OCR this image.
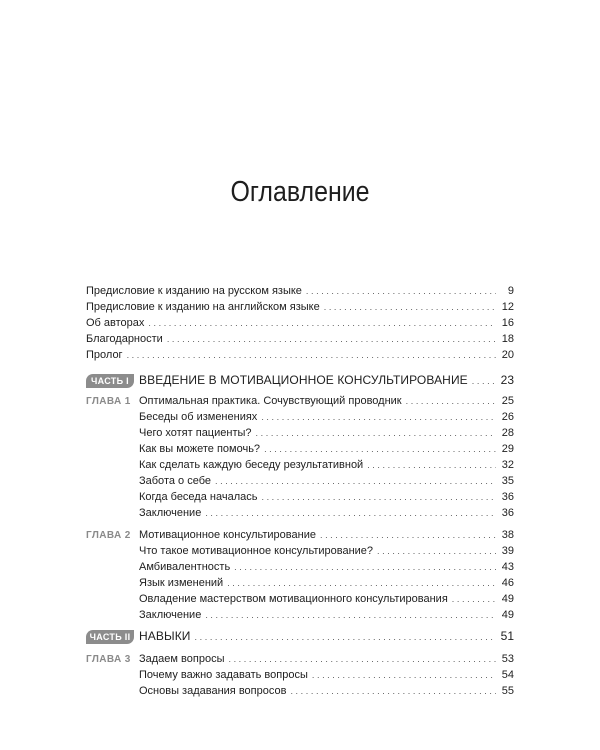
Оглавление
Предисловие к изданию на русском языке .....	9
Предисловие к изданию на английском языке .....	12
Об авторах .....	16
Благодарности .....	18
Пролог .....	20
ЧАСТЬ I ВВЕДЕНИЕ В МОТИВАЦИОННОЕ КОНСУЛЬТИРОВАНИЕ .....	23
ГЛАВА 1 Оптимальная практика. Сочувствующий проводник .....	25
Беседы об изменениях .....	26
Чего хотят пациенты? .....	28
Как вы можете помочь? .....	29
Как сделать каждую беседу результативной .....	32
Забота о себе .....	35
Когда беседа началась .....	36
Заключение .....	36
ГЛАВА 2 Мотивационное консультирование .....	38
Что такое мотивационное консультирование? .....	39
Амбивалентность .....	43
Язык изменений .....	46
Овладение мастерством мотивационного консультирования .....	49
Заключение .....	49
ЧАСТЬ II НАВЫКИ .....	51
ГЛАВА 3 Задаем вопросы .....	53
Почему важно задавать вопросы .....	54
Основы задавания вопросов .....	55
